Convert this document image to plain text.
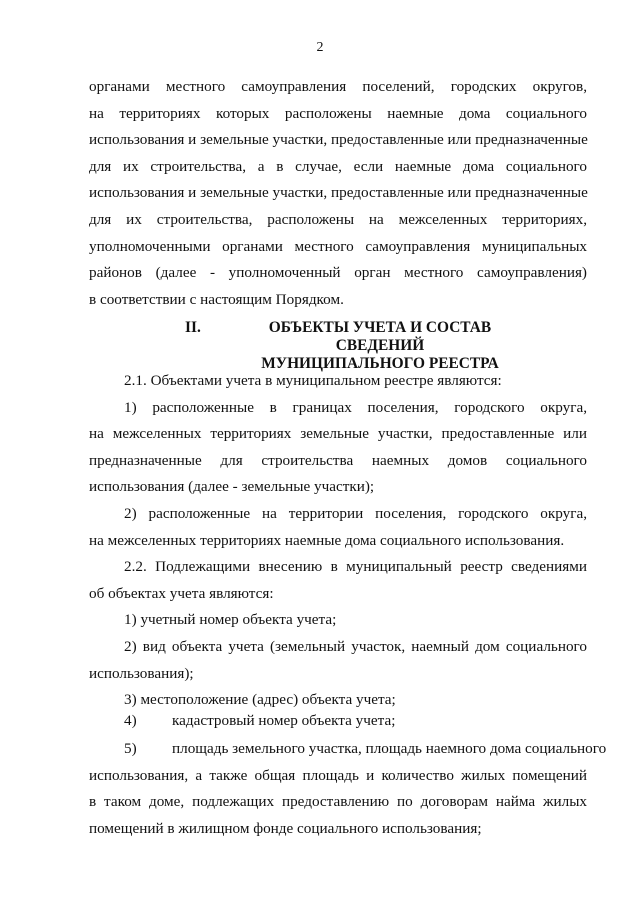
2
органами местного самоуправления поселений, городских округов,
на территориях которых расположены наемные дома социального
использования и земельные участки, предоставленные или предназначенные
для их строительства, а в случае, если наемные дома социального
использования и земельные участки, предоставленные или предназначенные
для их строительства, расположены на межселенных территориях,
уполномоченными органами местного самоуправления муниципальных
районов (далее - уполномоченный орган местного самоуправления)
в соответствии с настоящим Порядком.
II.	ОБЪЕКТЫ УЧЕТА И СОСТАВ СВЕДЕНИЙ
МУНИЦИПАЛЬНОГО РЕЕСТРА
2.1. Объектами учета в муниципальном реестре являются:
1) расположенные в границах поселения, городского округа,
на межселенных территориях земельные участки, предоставленные или
предназначенные для строительства наемных домов социального
использования (далее - земельные участки);
2) расположенные на территории поселения, городского округа,
на межселенных территориях наемные дома социального использования.
2.2. Подлежащими внесению в муниципальный реестр сведениями
об объектах учета являются:
1) учетный номер объекта учета;
2) вид объекта учета (земельный участок, наемный дом социального
использования);
3) местоположение (адрес) объекта учета;
4) кадастровый номер объекта учета;
5) площадь земельного участка, площадь наемного дома социального
использования, а также общая площадь и количество жилых помещений
в таком доме, подлежащих предоставлению по договорам найма жилых
помещений в жилищном фонде социального использования;
